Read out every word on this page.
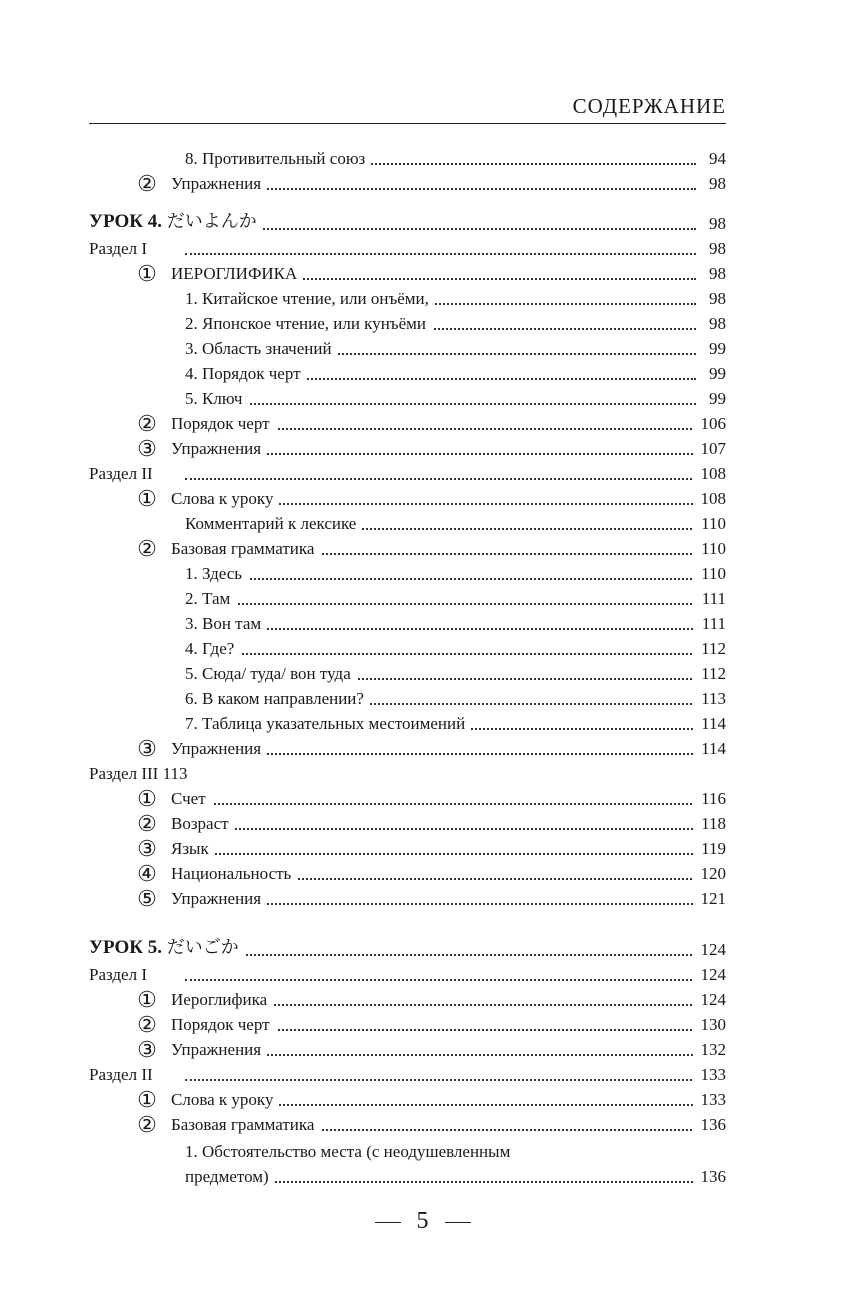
СОДЕРЖАНИЕ
8. Противительный союз	94
② Упражнения	98
УРОК 4. だいよんか	98
Раздел I	98
① ИЕРОГЛИФИКА	98
1. Китайское чтение, или онъёми,	98
2. Японское чтение, или кунъёми	98
3. Область значений	99
4. Порядок черт	99
5. Ключ	99
② Порядок черт	106
③ Упражнения	107
Раздел II	108
① Слова к уроку	108
Комментарий к лексике	110
② Базовая грамматика	110
1. Здесь	110
2. Там	111
3. Вон там	111
4. Где?	112
5. Сюда/ туда/ вон туда	112
6. В каком направлении?	113
7. Таблица указательных местоимений	114
③ Упражнения	114
Раздел III 113
① Счет	116
② Возраст	118
③ Язык	119
④ Национальность	120
⑤ Упражнения	121
УРОК 5. だいごか	124
Раздел I	124
① Иероглифика	124
② Порядок черт	130
③ Упражнения	132
Раздел II	133
① Слова к уроку	133
② Базовая грамматика	136
1. Обстоятельство места (с неодушевленным
предметом)	136
5
